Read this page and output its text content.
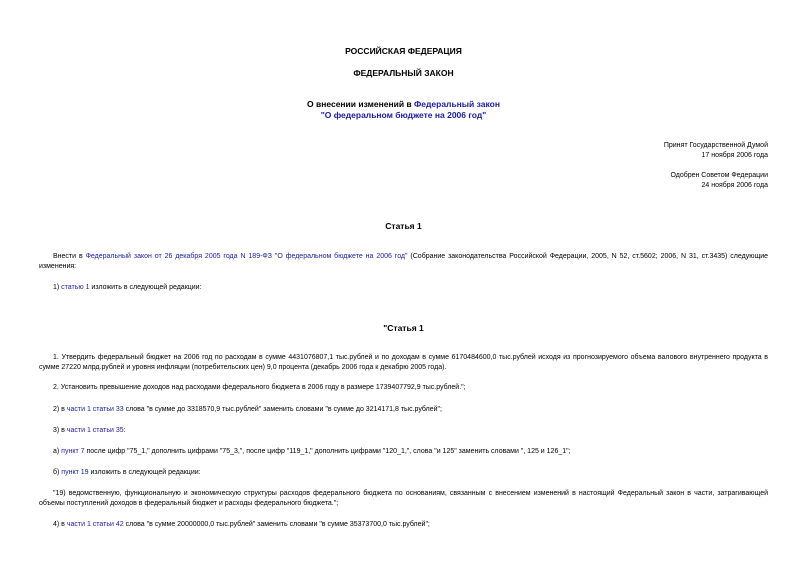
РОССИЙСКАЯ ФЕДЕРАЦИЯ
ФЕДЕРАЛЬНЫЙ ЗАКОН
О внесении изменений в Федеральный закон
"О федеральном бюджете на 2006 год"
Принят Государственной Думой
17 ноября 2006 года
Одобрен Советом Федерации
24 ноября 2006 года
Статья 1
Внести в Федеральный закон от 26 декабря 2005 года N 189-ФЗ "О федеральном бюджете на 2006 год" (Собрание законодательства Российской Федерации, 2005, N 52, ст.5602; 2006, N 31, ст.3435) следующие изменения:
1) статью 1 изложить в следующей редакции:
"Статья 1
1. Утвердить федеральный бюджет на 2006 год по расходам в сумме 4431076807,1 тыс.рублей и по доходам в сумме 6170484600,0 тыс.рублей исходя из прогнозируемого объема валового внутреннего продукта в сумме 27220 млрд.рублей и уровня инфляции (потребительских цен) 9,0 процента (декабрь 2006 года к декабрю 2005 года).
2. Установить превышение доходов над расходами федерального бюджета в 2006 году в размере 1739407792,9 тыс.рублей.";
2) в части 1 статьи 33 слова "в сумме до 3318570,9 тыс.рублей" заменить словами "в сумме до 3214171,8 тыс.рублей";
3) в части 1 статьи 35:
а) пункт 7 после цифр "75_1," дополнить цифрами "75_3,", после цифр "119_1," дополнить цифрами "120_1,", слова "и 125" заменить словами ", 125 и 126_1";
б) пункт 19 изложить в следующей редакции:
"19) ведомственную, функциональную и экономическую структуры расходов федерального бюджета по основаниям, связанным с внесением изменений в настоящий Федеральный закон в части, затрагивающей объемы поступлений доходов в федеральный бюджет и расходы федерального бюджета.";
4) в части 1 статьи 42 слова "в сумме 20000000,0 тыс.рублей" заменить словами "в сумме 35373700,0 тыс.рублей";
